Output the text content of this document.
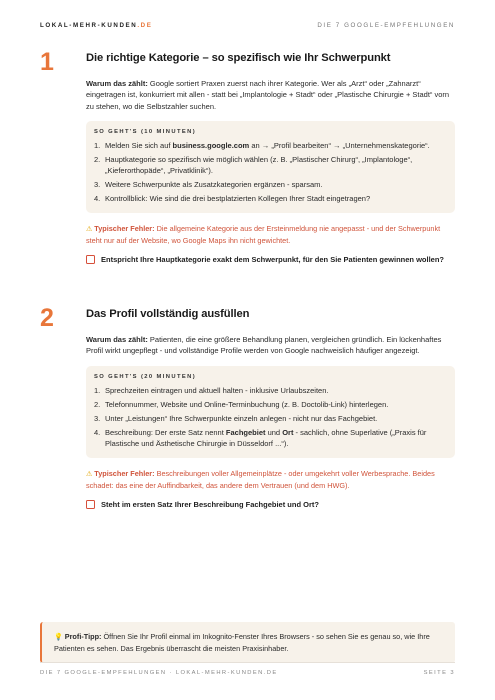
LOKAL-MEHR-KUNDEN.DE	DIE 7 GOOGLE-EMPFEHLUNGEN
1	Die richtige Kategorie – so spezifisch wie Ihr Schwerpunkt

Warum das zählt: Google sortiert Praxen zuerst nach ihrer Kategorie. Wer als „Arzt“ oder „Zahnarzt“ eingetragen ist, konkurriert mit allen - statt bei „Implantologie + Stadt“ oder „Plastische Chirurgie + Stadt“ vorn zu stehen, wo die Selbstzahler suchen.

SO GEHT'S (10 MINUTEN)
1. Melden Sie sich auf business.google.com an → „Profil bearbeiten“ → „Unternehmenskategorie“.
2. Hauptkategorie so spezifisch wie möglich wählen (z. B. „Plastischer Chirurg“, „Implantologe“, „Kieferorthopäde“, „Privatklinik“).
3. Weitere Schwerpunkte als Zusatzkategorien ergänzen - sparsam.
4. Kontrollblick: Wie sind die drei bestplatzierten Kollegen Ihrer Stadt eingetragen?

⚠ Typischer Fehler: Die allgemeine Kategorie aus der Ersteinmeldung nie angepasst - und der Schwerpunkt steht nur auf der Website, wo Google Maps ihn nicht gewichtet.

Entspricht Ihre Hauptkategorie exakt dem Schwerpunkt, für den Sie Patienten gewinnen wollen?
2	Das Profil vollständig ausfüllen

Warum das zählt: Patienten, die eine größere Behandlung planen, vergleichen gründlich. Ein lückenhaftes Profil wirkt ungepflegt - und vollständige Profile werden von Google nachweislich häufiger angezeigt.

SO GEHT'S (20 MINUTEN)
1. Sprechzeiten eintragen und aktuell halten - inklusive Urlaubszeiten.
2. Telefonnummer, Website und Online-Terminbuchung (z. B. Doctolib-Link) hinterlegen.
3. Unter „Leistungen“ Ihre Schwerpunkte einzeln anlegen - nicht nur das Fachgebiet.
4. Beschreibung: Der erste Satz nennt Fachgebiet und Ort - sachlich, ohne Superlative („Praxis für Plastische und Ästhetische Chirurgie in Düsseldorf ...“).

⚠ Typischer Fehler: Beschreibungen voller Allgemeinplätze - oder umgekehrt voller Werbesprache. Beides schadet: das eine der Auffindbarkeit, das andere dem Vertrauen (und dem HWG).

Steht im ersten Satz Ihrer Beschreibung Fachgebiet und Ort?
💡 Profi-Tipp: Öffnen Sie Ihr Profil einmal im Inkognito-Fenster Ihres Browsers - so sehen Sie es genau so, wie Ihre Patienten es sehen. Das Ergebnis überrascht die meisten Praxisinhaber.
DIE 7 GOOGLE-EMPFEHLUNGEN · LOKAL-MEHR-KUNDEN.DE	SEITE 3
